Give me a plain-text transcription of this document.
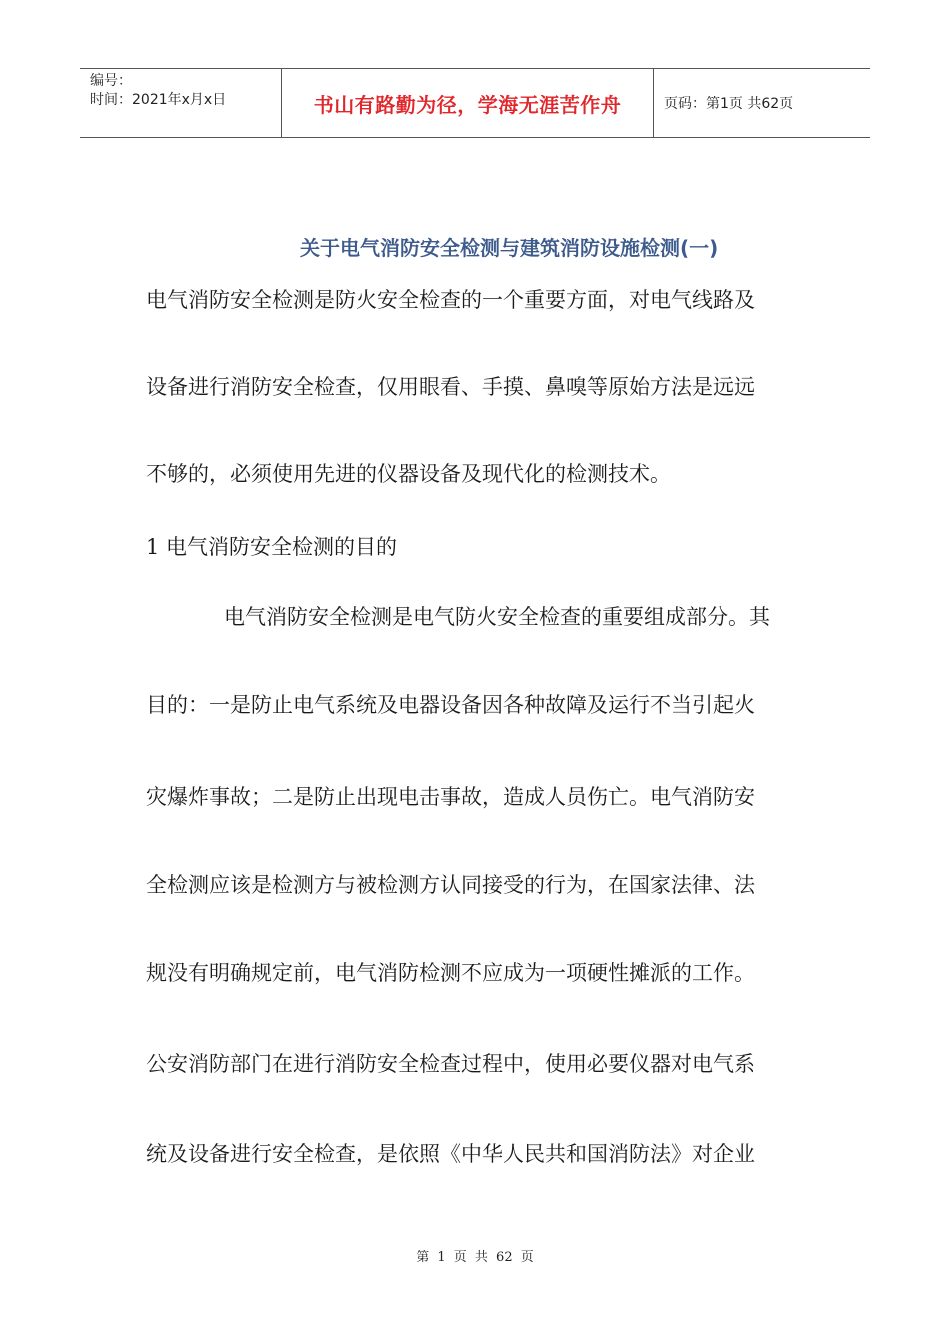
编号：
时间：2021年x月x日	书山有路勤为径，学海无涯苦作舟	页码：第1页 共62页
关于电气消防安全检测与建筑消防设施检测(一)
电气消防安全检测是防火安全检查的一个重要方面，对电气线路及
设备进行消防安全检查，仅用眼看、手摸、鼻嗅等原始方法是远远
不够的，必须使用先进的仪器设备及现代化的检测技术。
1 电气消防安全检测的目的
电气消防安全检测是电气防火安全检查的重要组成部分。其
目的：一是防止电气系统及电器设备因各种故障及运行不当引起火
灾爆炸事故；二是防止出现电击事故，造成人员伤亡。电气消防安
全检测应该是检测方与被检测方认同接受的行为，在国家法律、法
规没有明确规定前，电气消防检测不应成为一项硬性摊派的工作。
公安消防部门在进行消防安全检查过程中，使用必要仪器对电气系
统及设备进行安全检查，是依照《中华人民共和国消防法》对企业
第 1 页 共 62 页
